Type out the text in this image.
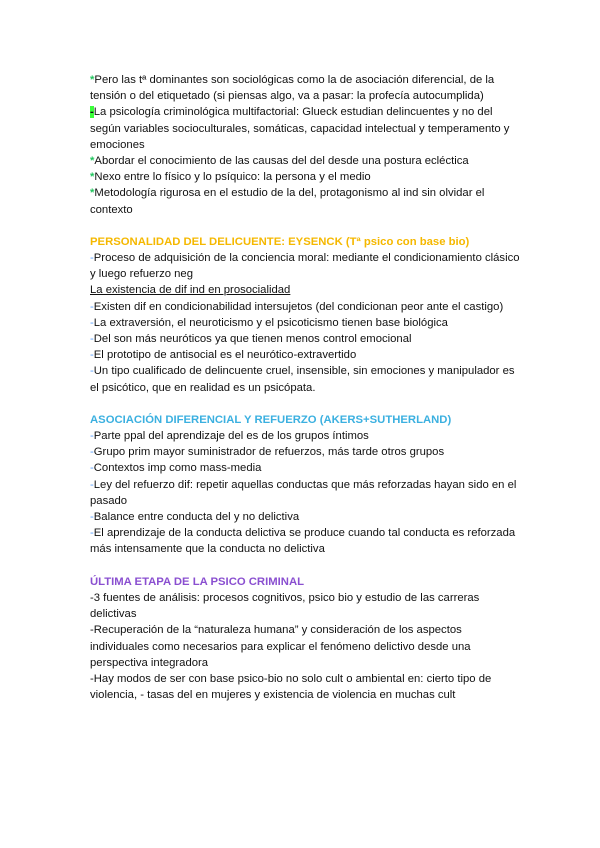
*Pero las tª dominantes son sociológicas como la de asociación diferencial, de la tensión o del etiquetado (si piensas algo, va a pasar: la profecía autocumplida)
-La psicología criminológica multifactorial: Glueck estudian delincuentes y no del según variables socioculturales, somáticas, capacidad intelectual y temperamento y emociones
*Abordar el conocimiento de las causas del del desde una postura ecléctica
*Nexo entre lo físico y lo psíquico: la persona y el medio
*Metodología rigurosa en el estudio de la del, protagonismo al ind sin olvidar el contexto
PERSONALIDAD DEL DELICUENTE: EYSENCK (Tª psico con base bio)
-Proceso de adquisición de la conciencia moral: mediante el condicionamiento clásico y luego refuerzo neg
La existencia de dif ind en prosocialidad
-Existen dif en condicionabilidad intersujetos (del condicionan peor ante el castigo)
-La extraversión, el neuroticismo y el psicoticismo tienen base biológica
-Del son más neuróticos ya que tienen menos control emocional
-El prototipo de antisocial es el neurótico-extravertido
-Un tipo cualificado de delincuente cruel, insensible, sin emociones y manipulador es el psicótico, que en realidad es un psicópata.
ASOCIACIÓN DIFERENCIAL Y REFUERZO (AKERS+SUTHERLAND)
-Parte ppal del aprendizaje del es de los grupos íntimos
-Grupo prim mayor suministrador de refuerzos, más tarde otros grupos
-Contextos imp como mass-media
-Ley del refuerzo dif: repetir aquellas conductas que más reforzadas hayan sido en el pasado
-Balance entre conducta del y no delictiva
-El aprendizaje de la conducta delictiva se produce cuando tal conducta es reforzada más intensamente que la conducta no delictiva
ÚLTIMA ETAPA DE LA PSICO CRIMINAL
-3 fuentes de análisis: procesos cognitivos, psico bio y estudio de las carreras delictivas
-Recuperación de la “naturaleza humana” y consideración de los aspectos individuales como necesarios para explicar el fenómeno delictivo desde una perspectiva integradora
-Hay modos de ser con base psico-bio no solo cult o ambiental en: cierto tipo de violencia, - tasas del en mujeres y existencia de violencia en muchas cult
